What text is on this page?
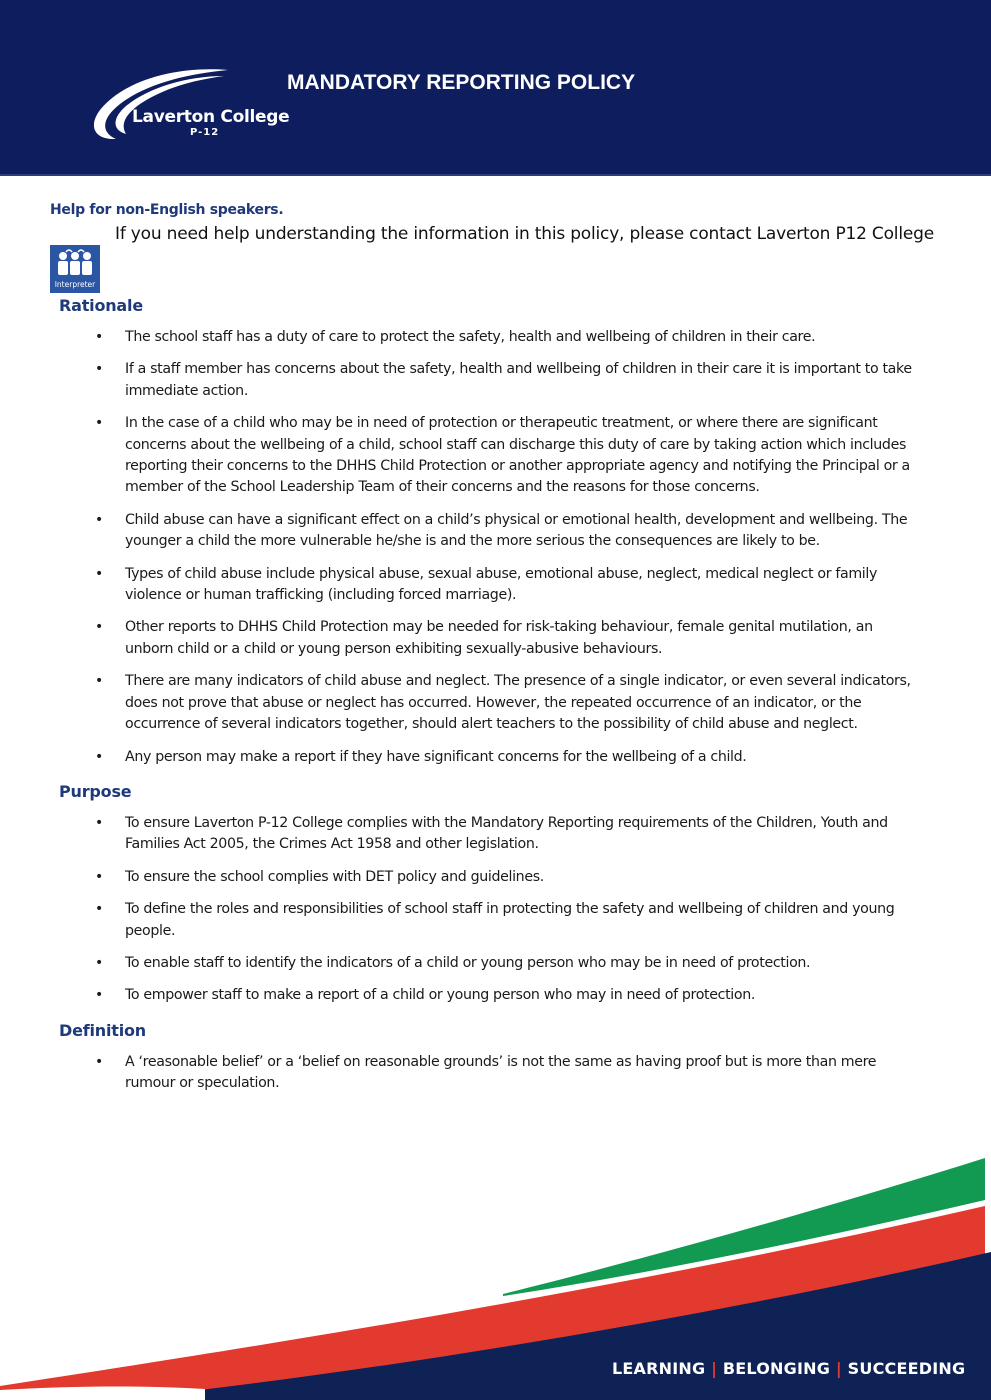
Laverton College
P-12
MANDATORY REPORTING POLICY
Help for non-English speakers.
If you need help understanding the information in this policy, please contact Laverton P12 College
Interpreter
Rationale
• The school staff has a duty of care to protect the safety, health and wellbeing of children in their care.
• If a staff member has concerns about the safety, health and wellbeing of children in their care it is important to take immediate action.
• In the case of a child who may be in need of protection or therapeutic treatment, or where there are significant concerns about the wellbeing of a child, school staff can discharge this duty of care by taking action which includes reporting their concerns to the DHHS Child Protection or another appropriate agency and notifying the Principal or a member of the School Leadership Team of their concerns and the reasons for those concerns.
• Child abuse can have a significant effect on a child’s physical or emotional health, development and wellbeing. The younger a child the more vulnerable he/she is and the more serious the consequences are likely to be.
• Types of child abuse include physical abuse, sexual abuse, emotional abuse, neglect, medical neglect or family violence or human trafficking (including forced marriage).
• Other reports to DHHS Child Protection may be needed for risk-taking behaviour, female genital mutilation, an unborn child or a child or young person exhibiting sexually-abusive behaviours.
• There are many indicators of child abuse and neglect. The presence of a single indicator, or even several indicators, does not prove that abuse or neglect has occurred. However, the repeated occurrence of an indicator, or the occurrence of several indicators together, should alert teachers to the possibility of child abuse and neglect.
• Any person may make a report if they have significant concerns for the wellbeing of a child.
Purpose
• To ensure Laverton P-12 College complies with the Mandatory Reporting requirements of the Children, Youth and Families Act 2005, the Crimes Act 1958 and other legislation.
• To ensure the school complies with DET policy and guidelines.
• To define the roles and responsibilities of school staff in protecting the safety and wellbeing of children and young people.
• To enable staff to identify the indicators of a child or young person who may be in need of protection.
• To empower staff to make a report of a child or young person who may in need of protection.
Definition
• A ‘reasonable belief’ or a ‘belief on reasonable grounds’ is not the same as having proof but is more than mere rumour or speculation.
LEARNING | BELONGING | SUCCEEDING
